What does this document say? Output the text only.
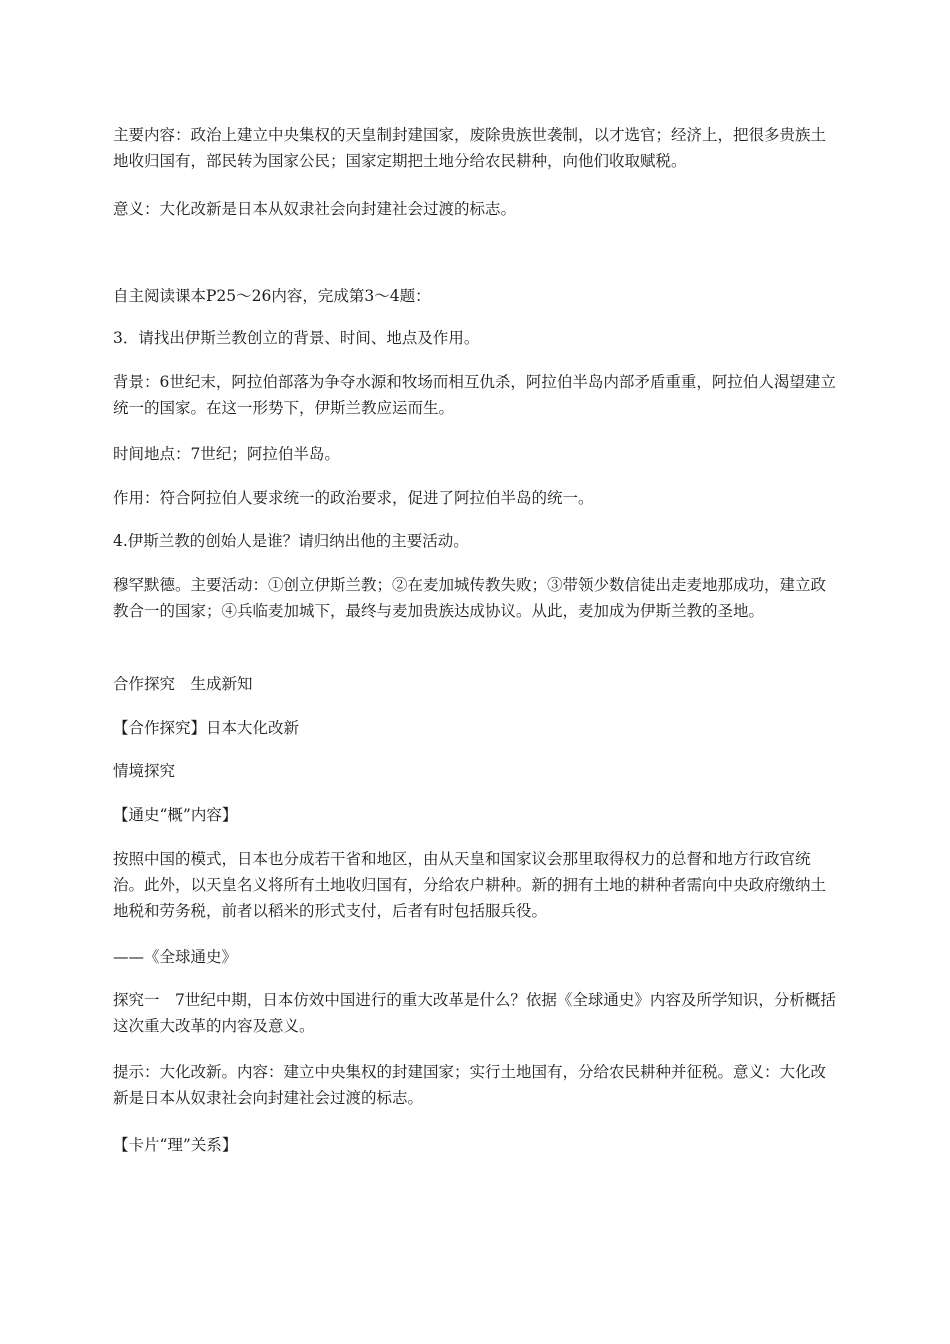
主要内容：政治上建立中央集权的天皇制封建国家，废除贵族世袭制，以才选官；经济上，把很多贵族土地收归国有，部民转为国家公民；国家定期把土地分给农民耕种，向他们收取赋税。

意义：大化改新是日本从奴隶社会向封建社会过渡的标志。

自主阅读课本P25～26内容，完成第3～4题：

3．请找出伊斯兰教创立的背景、时间、地点及作用。

背景：6世纪末，阿拉伯部落为争夺水源和牧场而相互仇杀，阿拉伯半岛内部矛盾重重，阿拉伯人渴望建立统一的国家。在这一形势下，伊斯兰教应运而生。

时间地点：7世纪；阿拉伯半岛。

作用：符合阿拉伯人要求统一的政治要求，促进了阿拉伯半岛的统一。

4.伊斯兰教的创始人是谁？请归纳出他的主要活动。

穆罕默德。主要活动：①创立伊斯兰教；②在麦加城传教失败；③带领少数信徒出走麦地那成功，建立政教合一的国家；④兵临麦加城下，最终与麦加贵族达成协议。从此，麦加成为伊斯兰教的圣地。

合作探究　生成新知

【合作探究】日本大化改新

情境探究

【通史“概”内容】

按照中国的模式，日本也分成若干省和地区，由从天皇和国家议会那里取得权力的总督和地方行政官统治。此外，以天皇名义将所有土地收归国有，分给农户耕种。新的拥有土地的耕种者需向中央政府缴纳土地税和劳务税，前者以稻米的形式支付，后者有时包括服兵役。

——《全球通史》

探究一　7世纪中期，日本仿效中国进行的重大改革是什么？依据《全球通史》内容及所学知识，分析概括这次重大改革的内容及意义。

提示：大化改新。内容：建立中央集权的封建国家；实行土地国有，分给农民耕种并征税。意义：大化改新是日本从奴隶社会向封建社会过渡的标志。

【卡片“理”关系】
